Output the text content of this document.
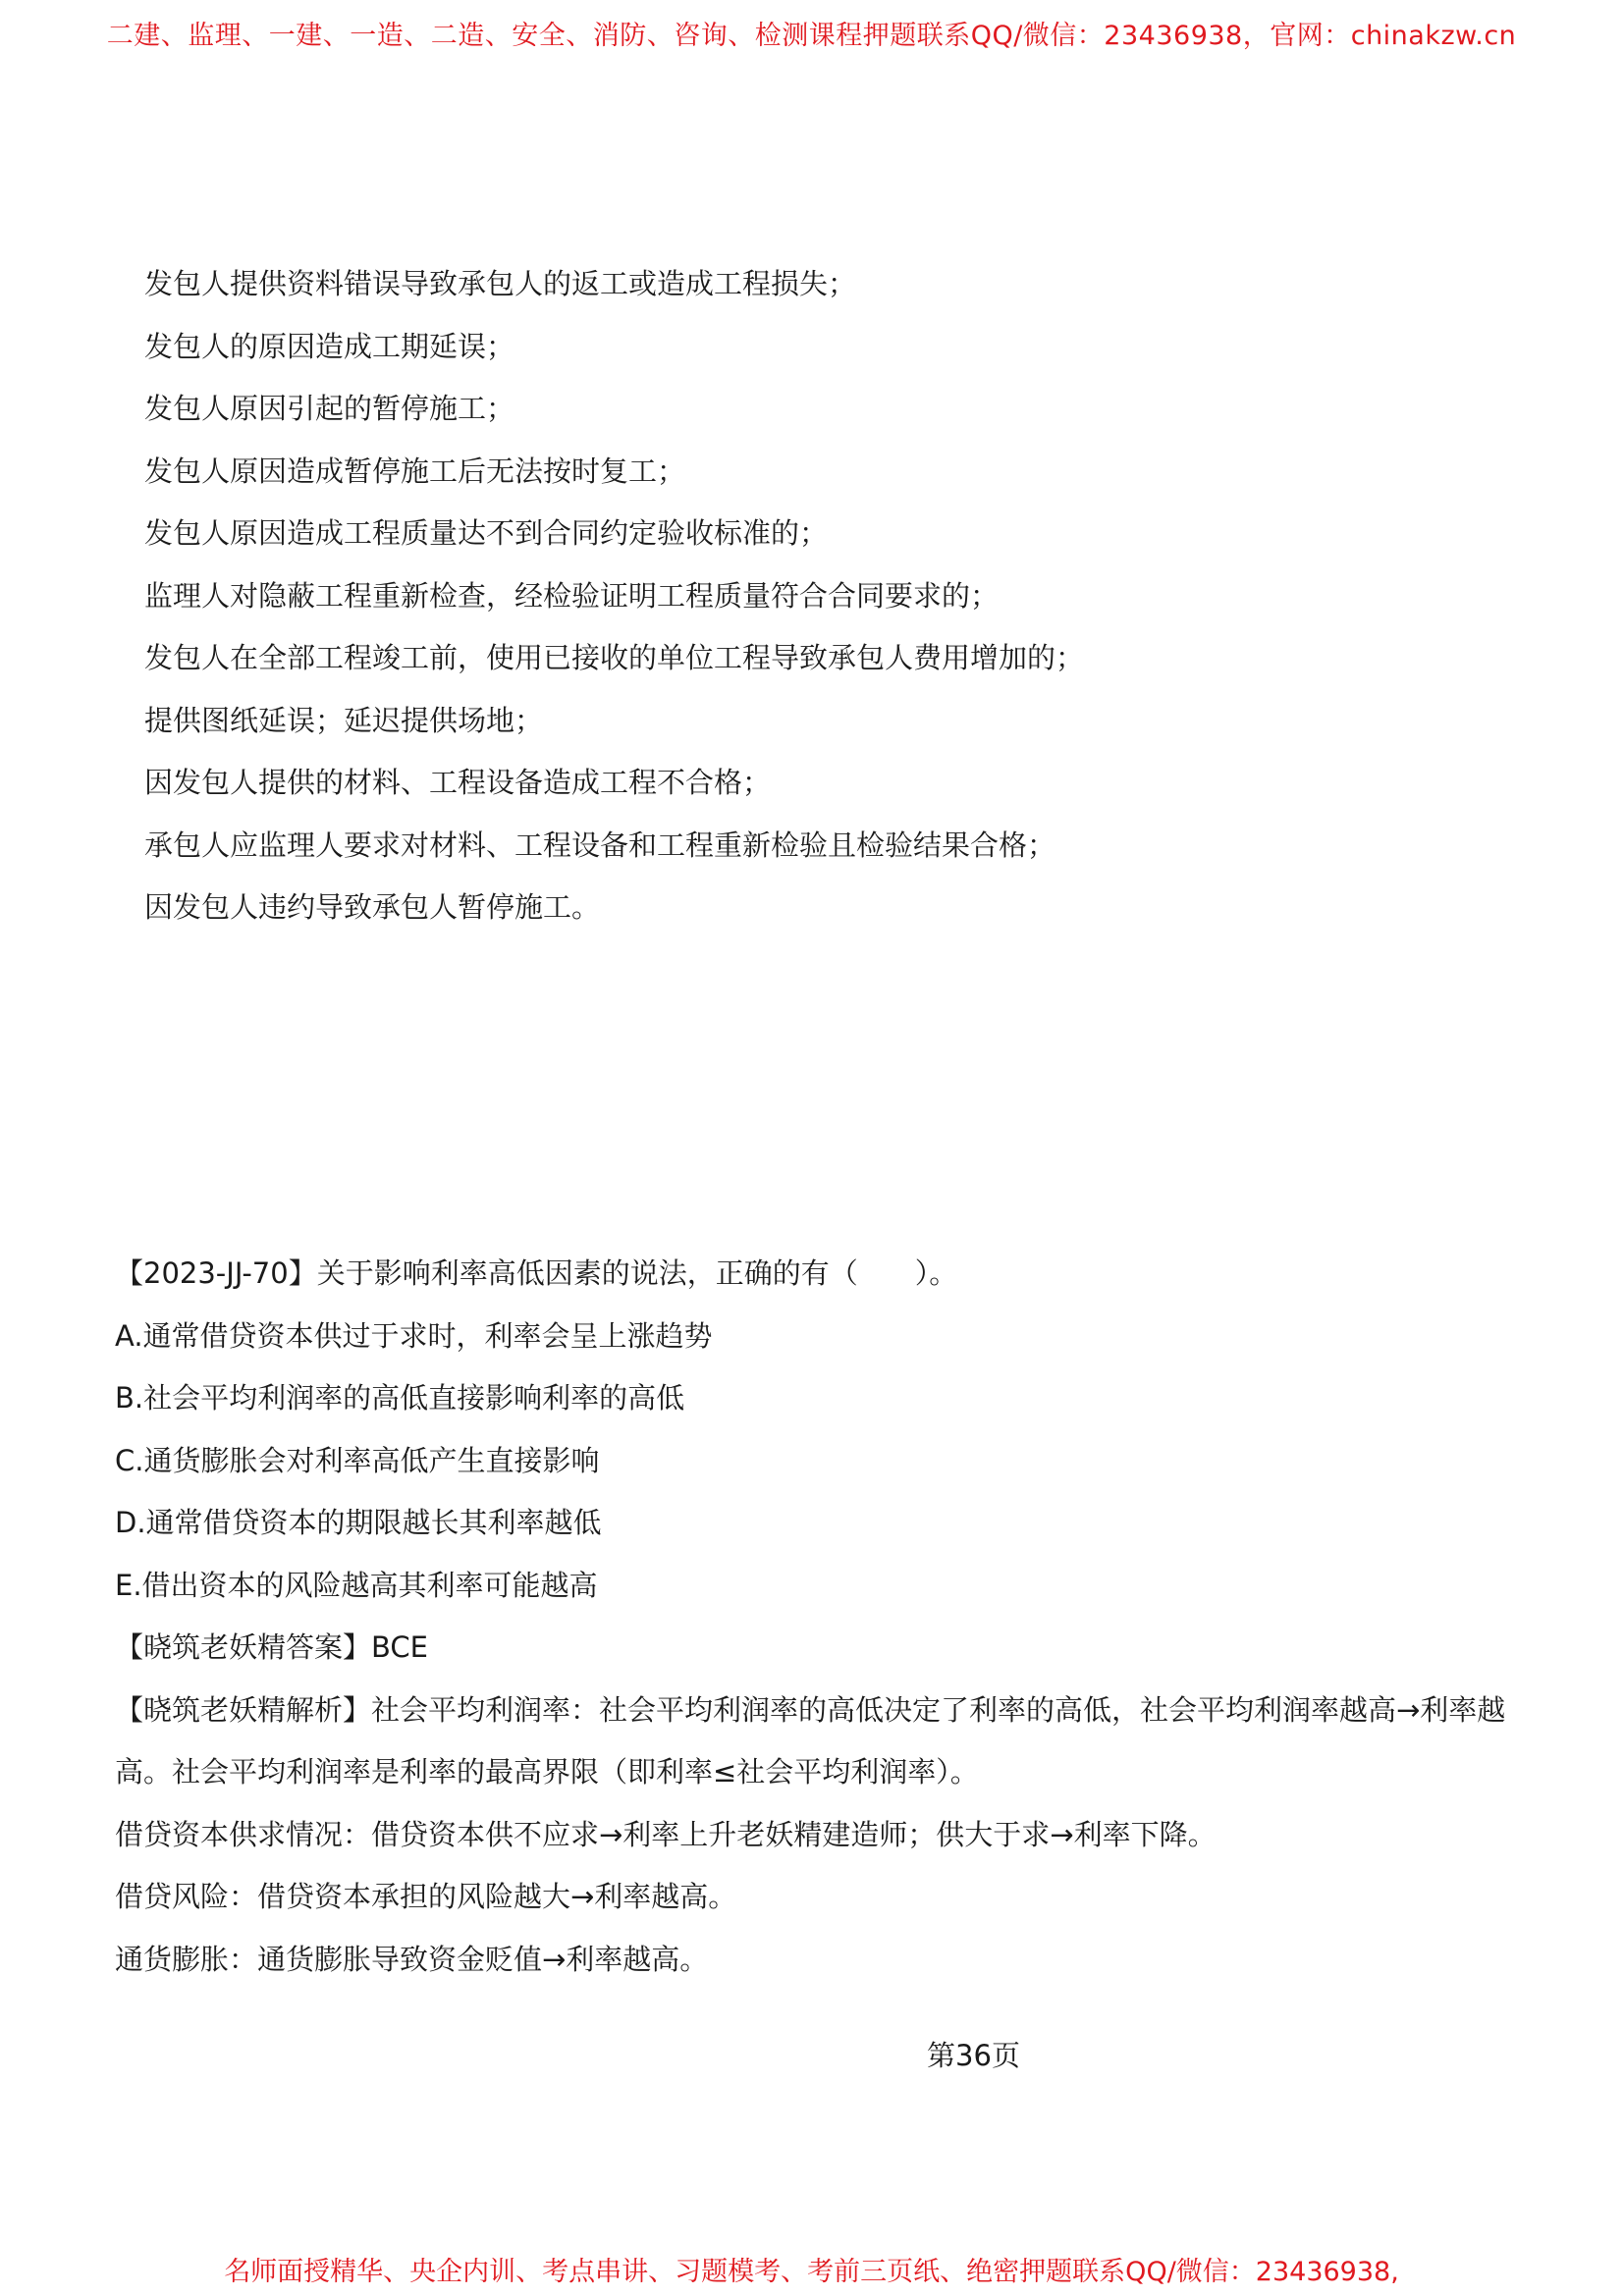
二建、监理、一建、一造、二造、安全、消防、咨询、检测课程押题联系QQ/微信：23436938，官网：chinakzw.cn
发包人提供资料错误导致承包人的返工或造成工程损失；
发包人的原因造成工期延误；
发包人原因引起的暂停施工；
发包人原因造成暂停施工后无法按时复工；
发包人原因造成工程质量达不到合同约定验收标准的；
监理人对隐蔽工程重新检查，经检验证明工程质量符合合同要求的；
发包人在全部工程竣工前，使用已接收的单位工程导致承包人费用增加的；
提供图纸延误；延迟提供场地；
因发包人提供的材料、工程设备造成工程不合格；
承包人应监理人要求对材料、工程设备和工程重新检验且检验结果合格；
因发包人违约导致承包人暂停施工。
【2023-JJ-70】关于影响利率高低因素的说法，正确的有（　　）。
A.通常借贷资本供过于求时，利率会呈上涨趋势
B.社会平均利润率的高低直接影响利率的高低
C.通货膨胀会对利率高低产生直接影响
D.通常借贷资本的期限越长其利率越低
E.借出资本的风险越高其利率可能越高
【晓筑老妖精答案】BCE
【晓筑老妖精解析】社会平均利润率：社会平均利润率的高低决定了利率的高低，社会平均利润率越高→利率越高。社会平均利润率是利率的最高界限（即利率≤社会平均利润率）。
借贷资本供求情况：借贷资本供不应求→利率上升老妖精建造师；供大于求→利率下降。
借贷风险：借贷资本承担的风险越大→利率越高。
通货膨胀：通货膨胀导致资金贬值→利率越高。
第36页
名师面授精华、央企内训、考点串讲、习题模考、考前三页纸、绝密押题联系QQ/微信：23436938,
